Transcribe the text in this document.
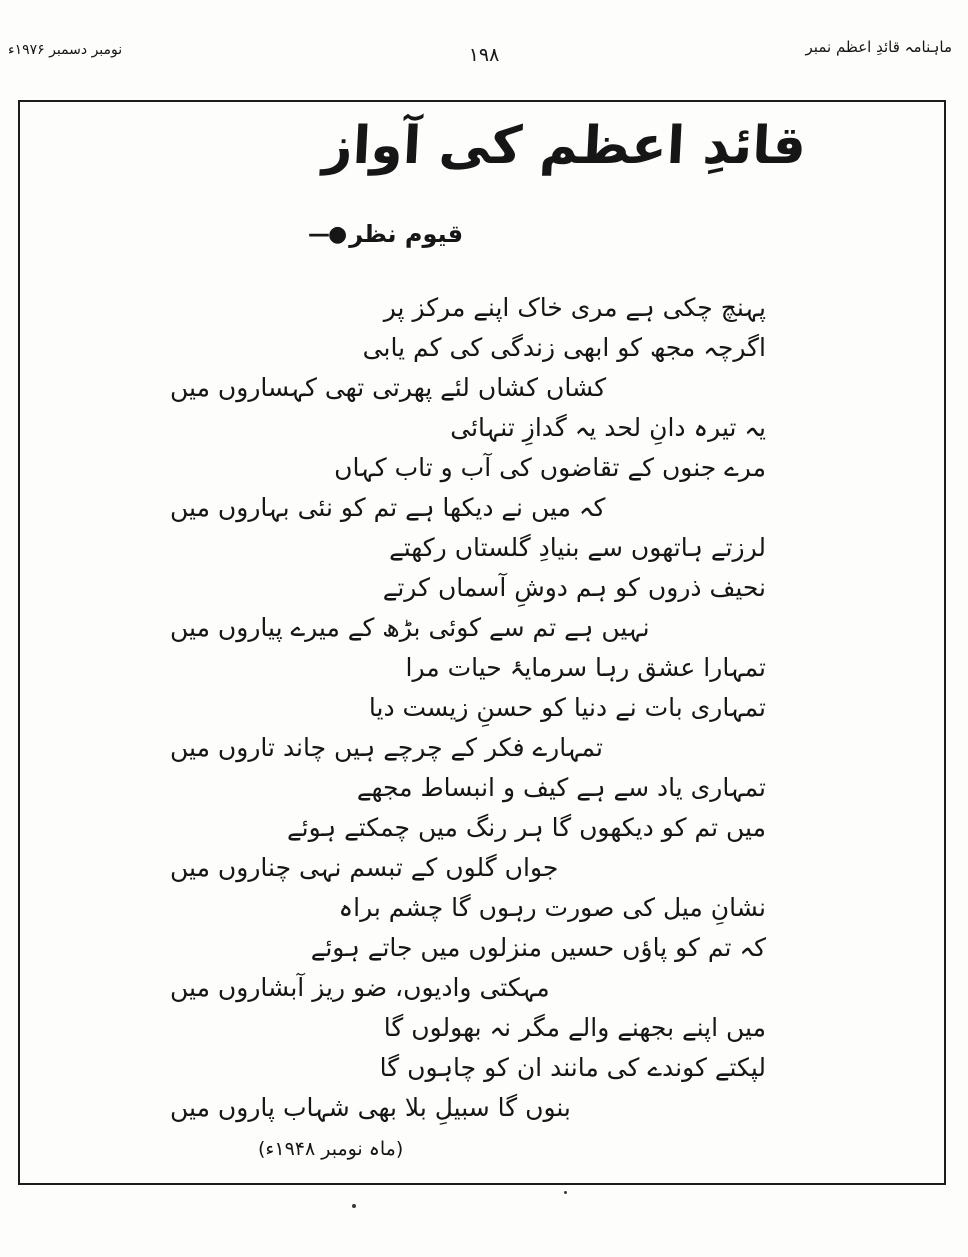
ماہنامہ قائدِ اعظم نمبر
۱۹۸
نومبر دسمبر ۱۹۷۶ء
قائدِ اعظم کی آواز
قیوم نظر
—●
پہنچ چکی ہے مری خاک اپنے مرکز پر
اگرچہ مجھ کو ابھی زندگی کی کم یابی
کشاں کشاں لئے پھرتی تھی کہساروں میں
یہ تیرہ دانِ لحد یہ گدازِ تنہائی
مرے جنوں کے تقاضوں کی آب و تاب کہاں
کہ میں نے دیکھا ہے تم کو نئی بہاروں میں
لرزتے ہاتھوں سے بنیادِ گلستاں رکھتے
نحیف ذروں کو ہم دوشِ آسماں کرتے
نہیں ہے تم سے کوئی بڑھ کے میرے پیاروں میں
تمہارا عشق رہا سرمایۂ حیات مرا
تمہاری بات نے دنیا کو حسنِ زیست دیا
تمہارے فکر کے چرچے ہیں چاند تاروں میں
تمہاری یاد سے ہے کیف و انبساط مجھے
میں تم کو دیکھوں گا ہر رنگ میں چمکتے ہوئے
جواں گلوں کے تبسم نہی چناروں میں
نشانِ میل کی صورت رہوں گا چشم براہ
کہ تم کو پاؤں حسیں منزلوں میں جاتے ہوئے
مہکتی وادیوں، ضو ریز آبشاروں میں
میں اپنے بجھنے والے مگر نہ بھولوں گا
لپکتے کوندے کی مانند ان کو چاہوں گا
بنوں گا سبیلِ بلا بھی شہاب پاروں میں
(ماہ نومبر ۱۹۴۸ء)
